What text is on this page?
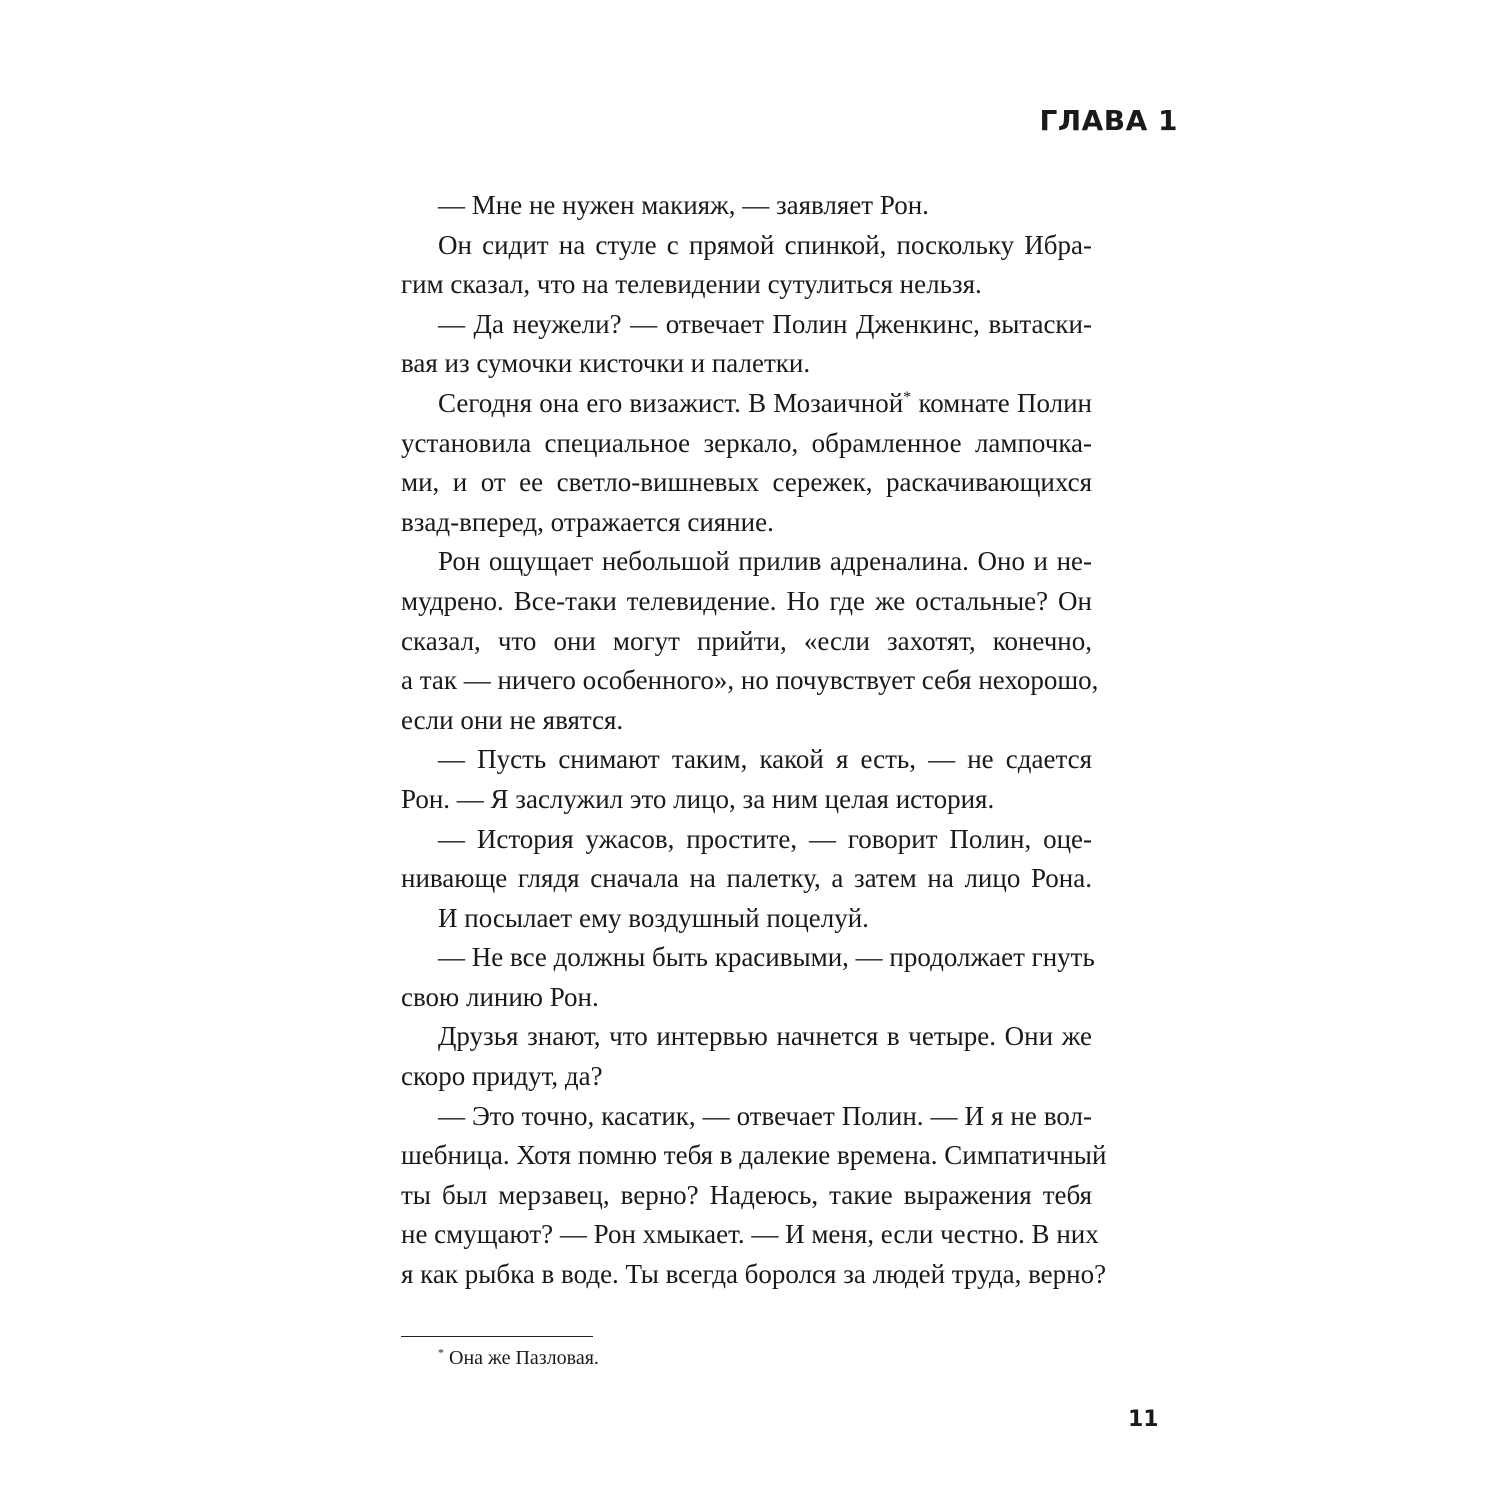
ГЛАВА 1
— Мне не нужен макияж, — заявляет Рон.
Он сидит на стуле с прямой спинкой, поскольку Ибра-
гим сказал, что на телевидении сутулиться нельзя.
— Да неужели? — отвечает Полин Дженкинс, вытаски-
вая из сумочки кисточки и палетки.
Сегодня она его визажист. В Мозаичной* комнате Полин
установила специальное зеркало, обрамленное лампочка-
ми, и от ее светло-вишневых сережек, раскачивающихся
взад-вперед, отражается сияние.
Рон ощущает небольшой прилив адреналина. Оно и не-
мудрено. Все-таки телевидение. Но где же остальные? Он
сказал, что они могут прийти, «если захотят, конечно,
а так — ничего особенного», но почувствует себя нехорошо,
если они не явятся.
— Пусть снимают таким, какой я есть, — не сдается
Рон. — Я заслужил это лицо, за ним целая история.
— История ужасов, простите, — говорит Полин, оце-
нивающе глядя сначала на палетку, а затем на лицо Рона.
И посылает ему воздушный поцелуй.
— Не все должны быть красивыми, — продолжает гнуть
свою линию Рон.
Друзья знают, что интервью начнется в четыре. Они же
скоро придут, да?
— Это точно, касатик, — отвечает Полин. — И я не вол-
шебница. Хотя помню тебя в далекие времена. Симпатичный
ты был мерзавец, верно? Надеюсь, такие выражения тебя
не смущают? — Рон хмыкает. — И меня, если честно. В них
я как рыбка в воде. Ты всегда боролся за людей труда, верно?
* Она же Пазловая.
11
